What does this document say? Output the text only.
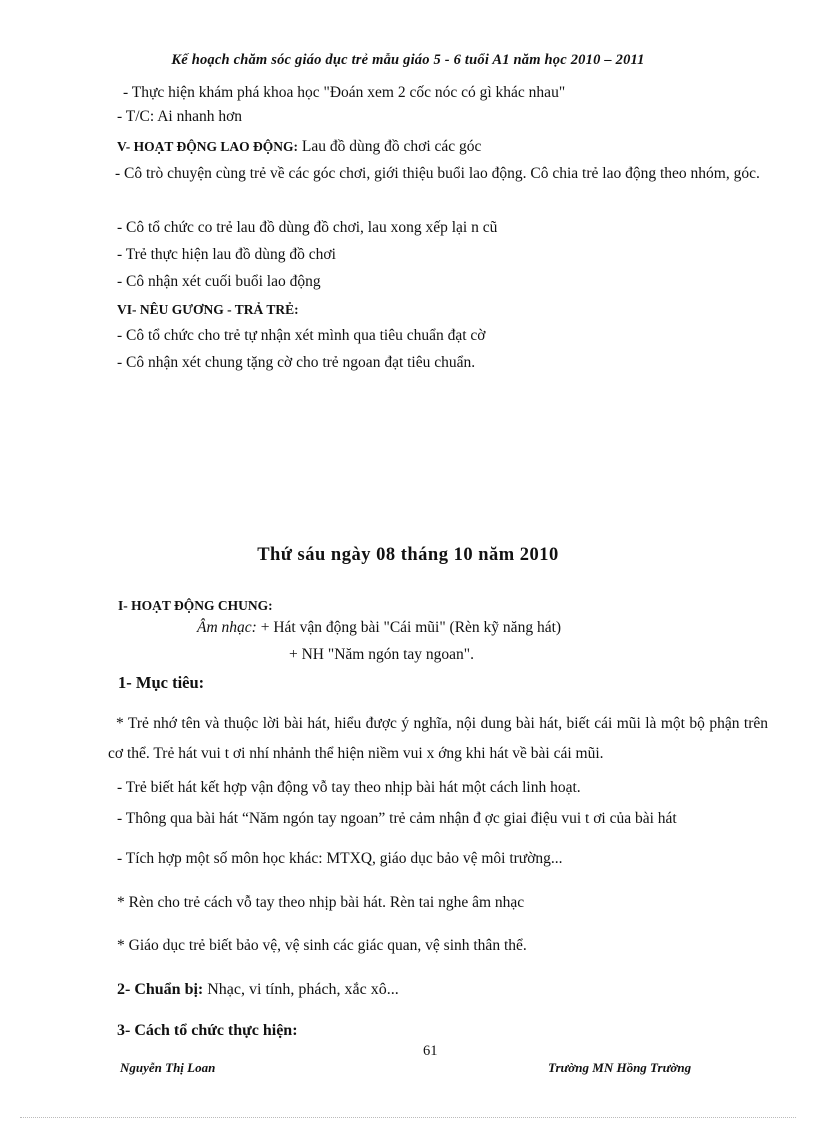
Kế hoạch chăm sóc giáo dục trẻ mẫu giáo 5 - 6 tuổi A1 năm học 2010 – 2011
- Thực hiện khám phá khoa học "Đoán xem 2 cốc nóc có gì khác nhau"
- T/C: Ai nhanh hơn
V- HOẠT ĐỘNG LAO ĐỘNG: Lau đồ dùng đồ chơi các góc
- Cô trò chuyện cùng trẻ về các góc chơi, giới thiệu buổi lao động. Cô chia trẻ lao động theo nhóm, góc.
- Cô tổ chức co trẻ lau đồ dùng đồ chơi, lau xong xếp lại n cũ
- Trẻ thực hiện lau đồ dùng đồ chơi
- Cô nhận xét cuối buổi lao động
VI- NÊU GƯƠNG - TRẢ TRẺ:
- Cô tổ chức cho trẻ tự nhận xét mình qua tiêu chuẩn đạt cờ
- Cô nhận xét chung tặng cờ cho trẻ ngoan đạt tiêu chuẩn.
Thứ sáu ngày 08 tháng 10 năm 2010
I- HOẠT ĐỘNG CHUNG:
Âm nhạc: + Hát vận động bài "Cái mũi" (Rèn kỹ năng hát)
+ NH "Năm ngón tay ngoan".
1- Mục tiêu:
* Trẻ nhớ tên và thuộc lời bài hát, hiểu được ý nghĩa, nội dung bài hát, biết cái mũi là một bộ phận trên cơ thể. Trẻ hát vui t ơi nhí nhảnh thể hiện niềm vui x ớng khi hát về bài cái mũi.
- Trẻ biết hát kết hợp vận động vỗ tay theo nhịp bài hát một cách linh hoạt.
- Thông qua bài hát “Năm ngón tay ngoan” trẻ cảm nhận đ ợc giai điệu vui t ơi của bài hát
- Tích hợp một số môn học khác: MTXQ, giáo dục bảo vệ môi trường...
* Rèn cho trẻ cách vỗ tay theo nhịp bài hát. Rèn tai nghe âm nhạc
* Giáo dục trẻ biết bảo vệ, vệ sinh các giác quan, vệ sinh thân thể.
2- Chuẩn bị: Nhạc, vi tính, phách, xắc xô...
3- Cách tổ chức thực hiện:
61
Nguyễn Thị Loan	Trường MN Hồng Trường
